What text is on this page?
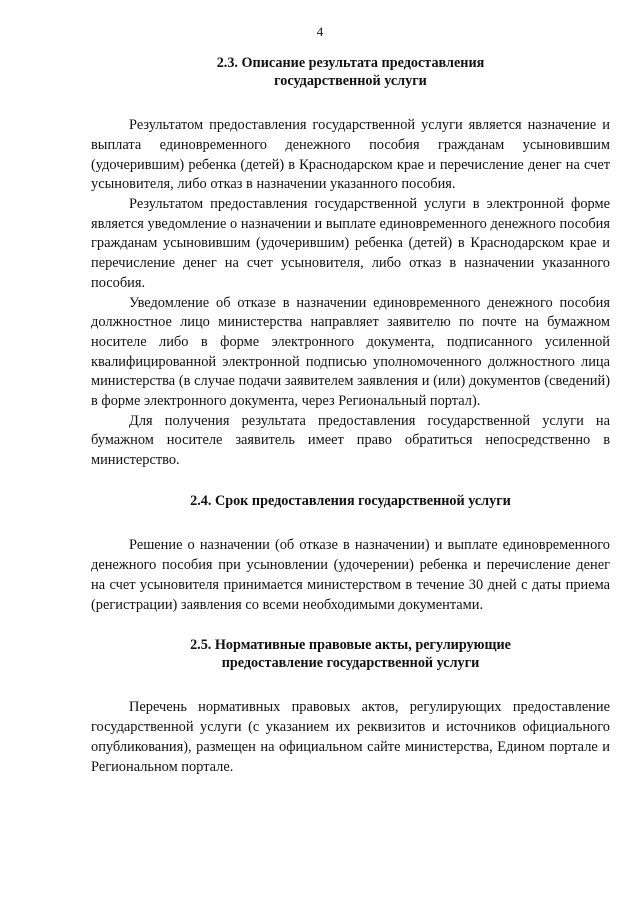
4
2.3. Описание результата предоставления
государственной услуги

Результатом предоставления государственной услуги является назначение и выплата единовременного денежного пособия гражданам усыновившим (удочерившим) ребенка (детей) в Краснодарском крае и перечисление денег на счет усыновителя, либо отказ в назначении указанного пособия.

Результатом предоставления государственной услуги в электронной форме является уведомление о назначении и выплате единовременного денежного пособия гражданам усыновившим (удочерившим) ребенка (детей) в Краснодарском крае и перечисление денег на счет усыновителя, либо отказ в назначении указанного пособия.

Уведомление об отказе в назначении единовременного денежного пособия должностное лицо министерства направляет заявителю по почте на бумажном носителе либо в форме электронного документа, подписанного усиленной квалифицированной электронной подписью уполномоченного должностного лица министерства (в случае подачи заявителем заявления и (или) документов (сведений) в форме электронного документа, через Региональный портал).

Для получения результата предоставления государственной услуги на бумажном носителе заявитель имеет право обратиться непосредственно в министерство.

2.4. Срок предоставления государственной услуги

Решение о назначении (об отказе в назначении) и выплате единовременного денежного пособия при усыновлении (удочерении) ребенка и перечисление денег на счет усыновителя принимается министерством в течение 30 дней с даты приема (регистрации) заявления со всеми необходимыми документами.

2.5. Нормативные правовые акты, регулирующие
предоставление государственной услуги

Перечень нормативных правовых актов, регулирующих предоставление государственной услуги (с указанием их реквизитов и источников официального опубликования), размещен на официальном сайте министерства, Едином портале и Региональном портале.
